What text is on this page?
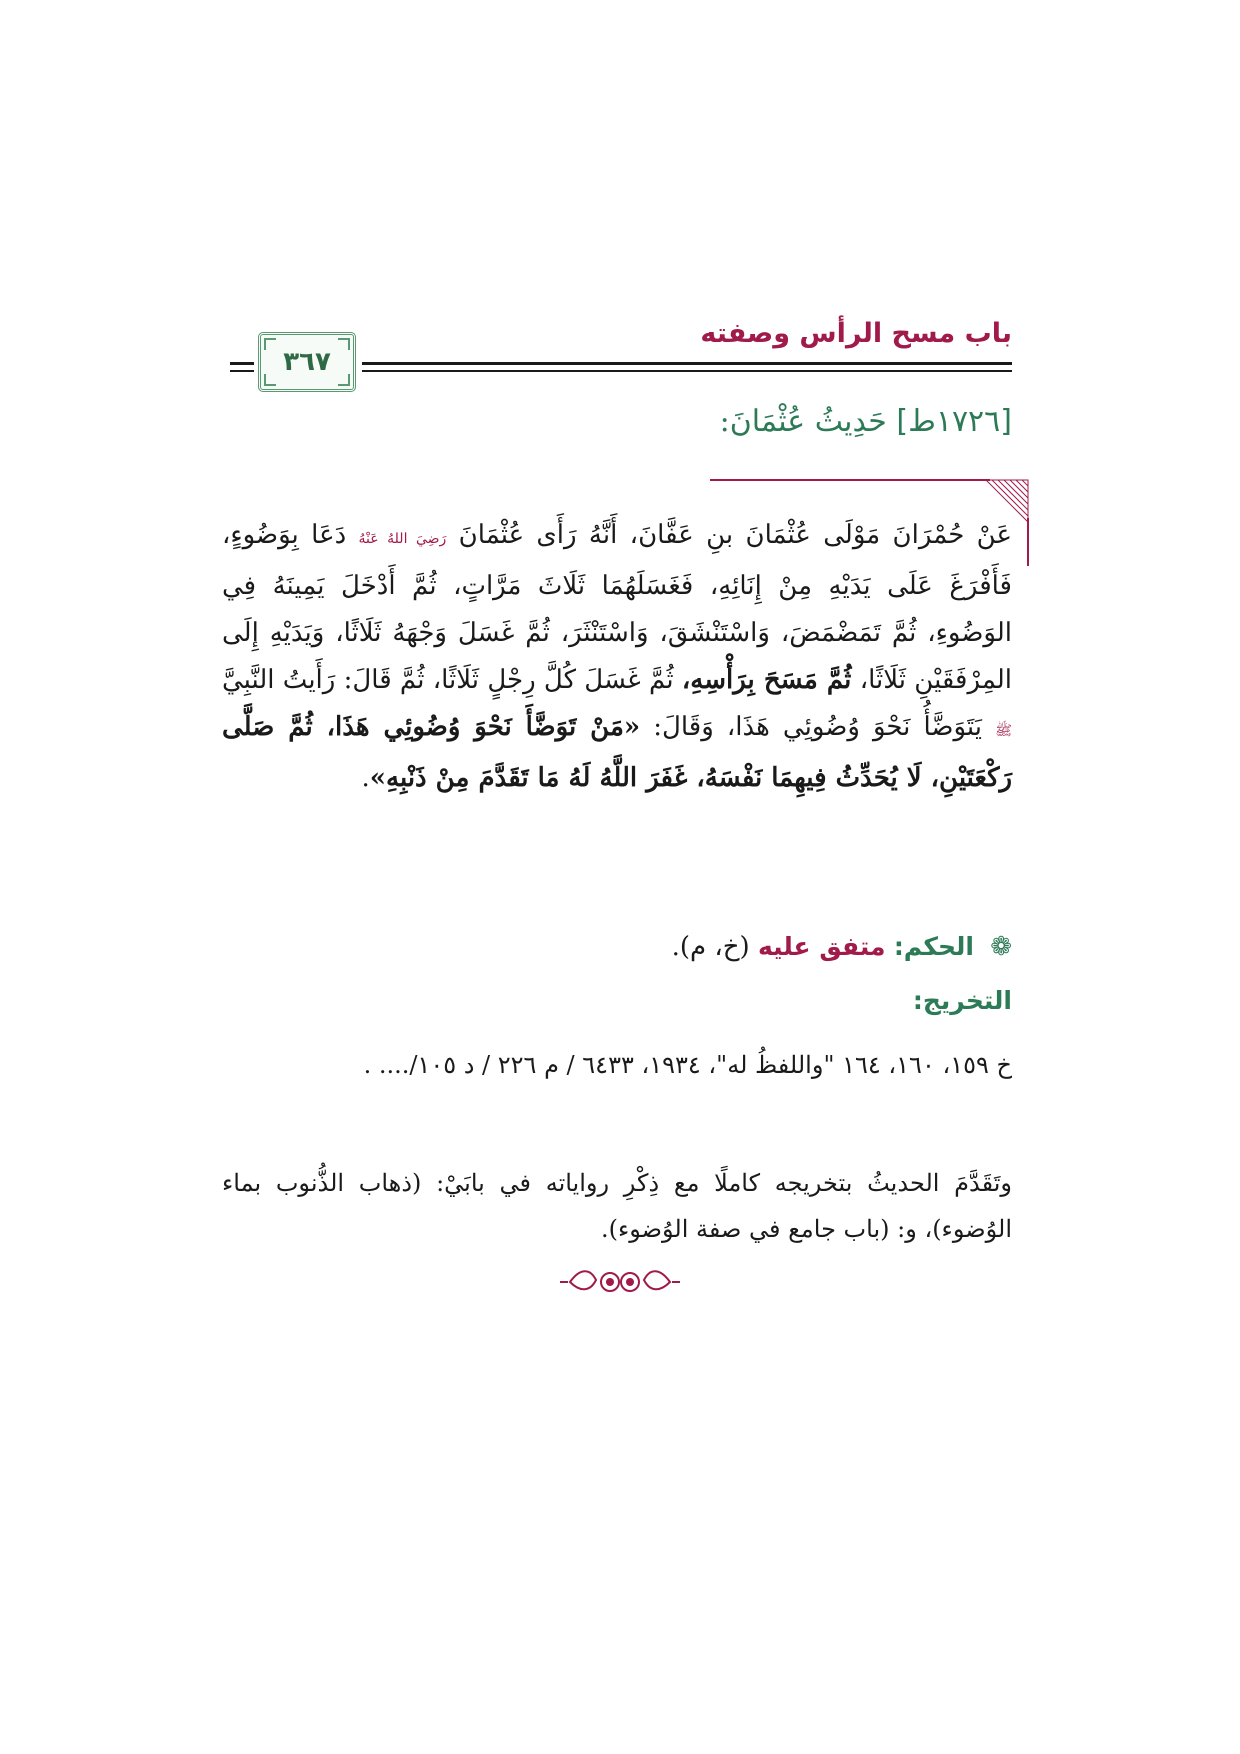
باب مسح الرأس وصفته
٣٦٧
[١٧٢٦ط] حَدِيثُ عُثْمَانَ:
عَنْ حُمْرَانَ مَوْلَى عُثْمَانَ بنِ عَفَّانَ، أَنَّهُ رَأَى عُثْمَانَ رَضِيَ اللهُ عَنْهُ دَعَا بِوَضُوءٍ، فَأَفْرَغَ عَلَى يَدَيْهِ مِنْ إِنَائِهِ، فَغَسَلَهُمَا ثَلَاثَ مَرَّاتٍ، ثُمَّ أَدْخَلَ يَمِينَهُ فِي الوَضُوءِ، ثُمَّ تَمَضْمَضَ، وَاسْتَنْشَقَ، وَاسْتَنْثَرَ، ثُمَّ غَسَلَ وَجْهَهُ ثَلَاثًا، وَيَدَيْهِ إِلَى المِرْفَقَيْنِ ثَلَاثًا، ثُمَّ مَسَحَ بِرَأْسِهِ، ثُمَّ غَسَلَ كُلَّ رِجْلٍ ثَلَاثًا، ثُمَّ قَالَ: رَأَيتُ النَّبِيَّ ﷺ يَتَوَضَّأُ نَحْوَ وُضُوئِي هَذَا، وَقَالَ: «مَنْ تَوَضَّأَ نَحْوَ وُضُوئِي هَذَا، ثُمَّ صَلَّى رَكْعَتَيْنِ، لَا يُحَدِّثُ فِيهِمَا نَفْسَهُ، غَفَرَ اللَّهُ لَهُ مَا تَقَدَّمَ مِنْ ذَنْبِهِ».
❁ الحكم: متفق عليه (خ، م).
التخريج:
خ ١٥٩، ١٦٠، ١٦٤ "واللفظُ له"، ١٩٣٤، ٦٤٣٣ / م ٢٢٦ / د ١٠٥/.... .
وتَقَدَّمَ الحديثُ بتخريجه كاملًا مع ذِكْرِ رواياته في بابَيْ: (ذهاب الذُّنوب بماء الوُضوء)، و: (باب جامع في صفة الوُضوء).
